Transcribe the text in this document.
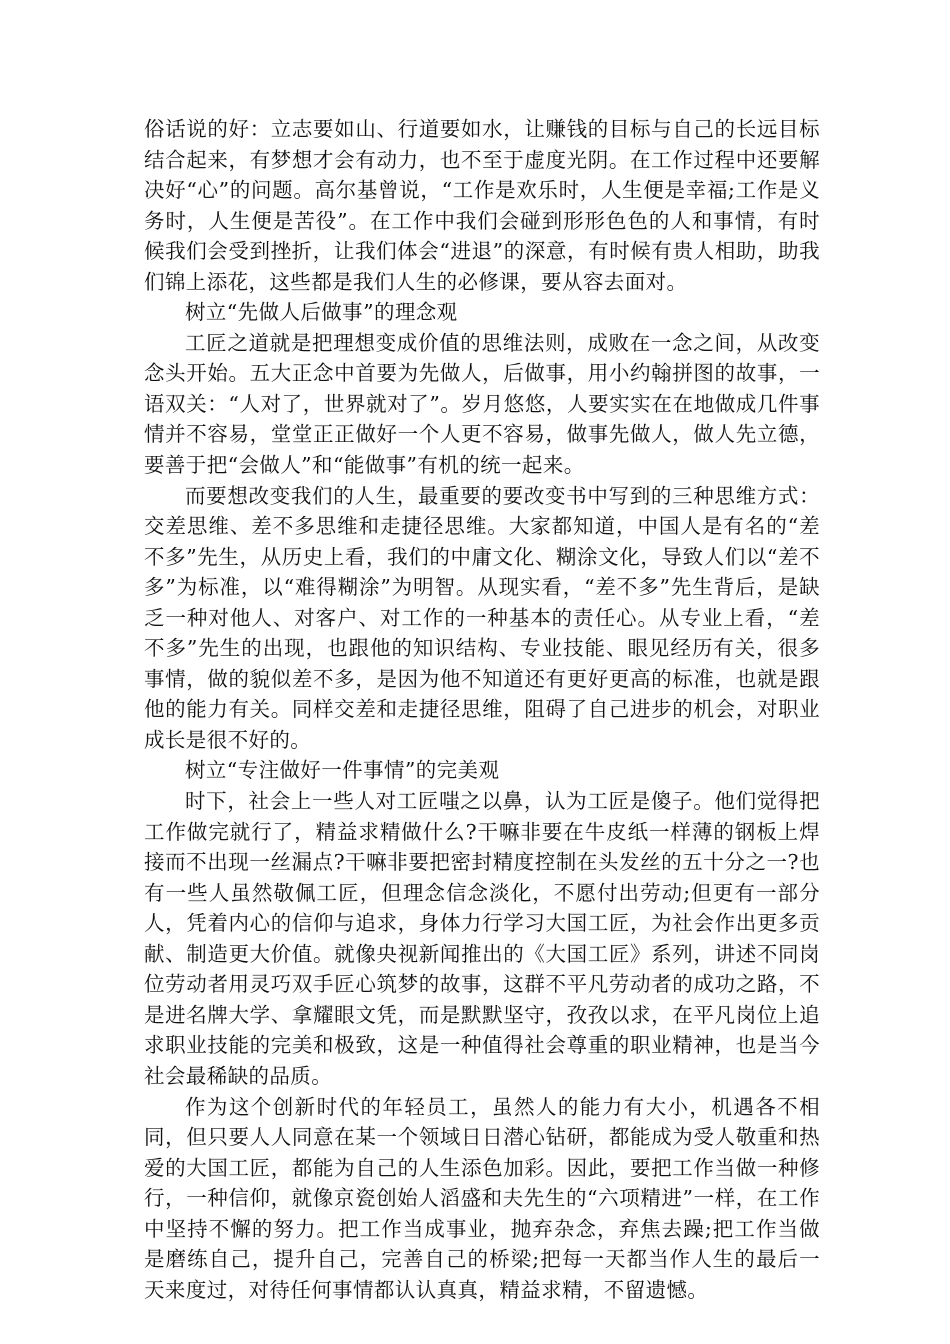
俗话说的好：立志要如山、行道要如水，让赚钱的目标与自己的长远目标结合起来，有梦想才会有动力，也不至于虚度光阴。在工作过程中还要解决好“心”的问题。高尔基曾说，“工作是欢乐时，人生便是幸福;工作是义务时，人生便是苦役”。在工作中我们会碰到形形色色的人和事情，有时候我们会受到挫折，让我们体会“进退”的深意，有时候有贵人相助，助我们锦上添花，这些都是我们人生的必修课，要从容去面对。

树立“先做人后做事”的理念观

工匠之道就是把理想变成价值的思维法则，成败在一念之间，从改变念头开始。五大正念中首要为先做人，后做事，用小约翰拼图的故事，一语双关：“人对了，世界就对了”。岁月悠悠，人要实实在在地做成几件事情并不容易，堂堂正正做好一个人更不容易，做事先做人，做人先立德，要善于把“会做人”和“能做事”有机的统一起来。

而要想改变我们的人生，最重要的要改变书中写到的三种思维方式：交差思维、差不多思维和走捷径思维。大家都知道，中国人是有名的“差不多”先生，从历史上看，我们的中庸文化、糊涂文化，导致人们以“差不多”为标准，以“难得糊涂”为明智。从现实看，“差不多”先生背后，是缺乏一种对他人、对客户、对工作的一种基本的责任心。从专业上看，“差不多”先生的出现，也跟他的知识结构、专业技能、眼见经历有关，很多事情，做的貌似差不多，是因为他不知道还有更好更高的标准，也就是跟他的能力有关。同样交差和走捷径思维，阻碍了自己进步的机会，对职业成长是很不好的。

树立“专注做好一件事情”的完美观

时下，社会上一些人对工匠嗤之以鼻，认为工匠是傻子。他们觉得把工作做完就行了，精益求精做什么?干嘛非要在牛皮纸一样薄的钢板上焊接而不出现一丝漏点?干嘛非要把密封精度控制在头发丝的五十分之一?也有一些人虽然敬佩工匠，但理念信念淡化，不愿付出劳动;但更有一部分人，凭着内心的信仰与追求，身体力行学习大国工匠，为社会作出更多贡献、制造更大价值。就像央视新闻推出的《大国工匠》系列，讲述不同岗位劳动者用灵巧双手匠心筑梦的故事，这群不平凡劳动者的成功之路，不是进名牌大学、拿耀眼文凭，而是默默坚守，孜孜以求，在平凡岗位上追求职业技能的完美和极致，这是一种值得社会尊重的职业精神，也是当今社会最稀缺的品质。

作为这个创新时代的年轻员工，虽然人的能力有大小，机遇各不相同，但只要人人同意在某一个领域日日潜心钻研，都能成为受人敬重和热爱的大国工匠，都能为自己的人生添色加彩。因此，要把工作当做一种修行，一种信仰，就像京瓷创始人滔盛和夫先生的“六项精进”一样，在工作中坚持不懈的努力。把工作当成事业，抛弃杂念，弃焦去躁;把工作当做是磨练自己，提升自己，完善自己的桥梁;把每一天都当作人生的最后一天来度过，对待任何事情都认认真真，精益求精，不留遗憾。
